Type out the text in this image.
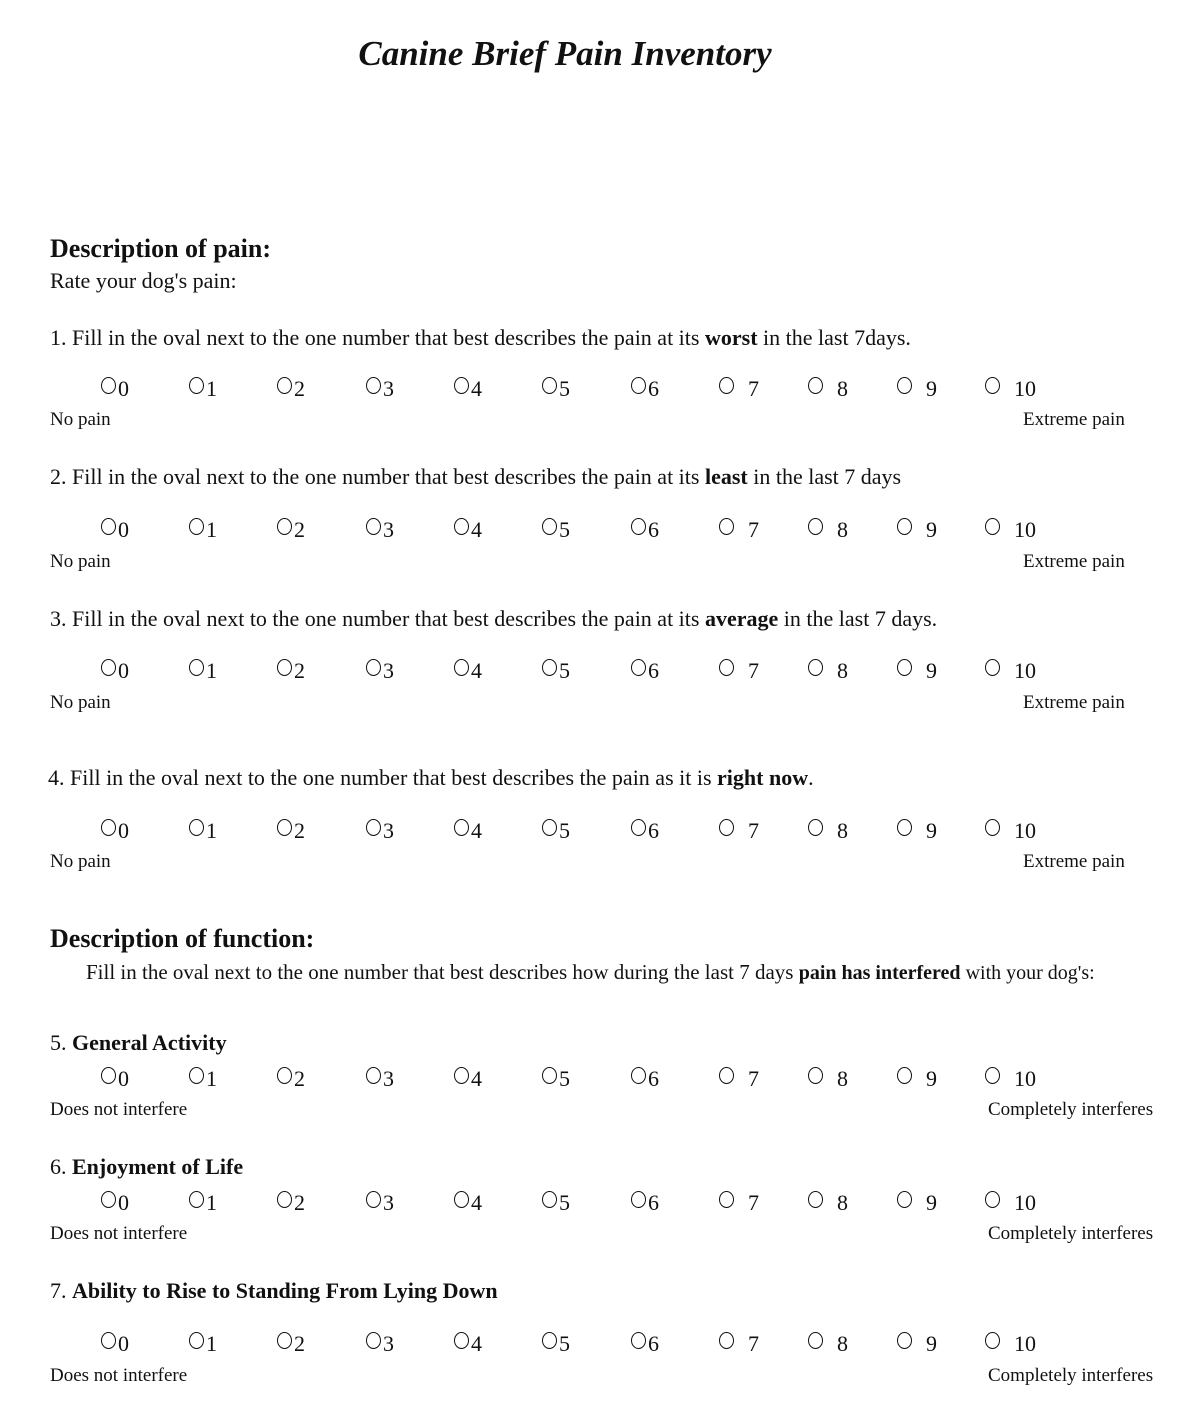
Canine Brief Pain Inventory
Description of pain:
Rate your dog's pain:
1. Fill in the oval next to the one number that best describes the pain at its worst in the last 7days.
0	1	2	3	4	5	6	7	8	9	10
No pain	Extreme pain
2. Fill in the oval next to the one number that best describes the pain at its least in the last 7 days
0	1	2	3	4	5	6	7	8	9	10
No pain	Extreme pain
3. Fill in the oval next to the one number that best describes the pain at its average in the last 7 days.
0	1	2	3	4	5	6	7	8	9	10
No pain	Extreme pain
4. Fill in the oval next to the one number that best describes the pain as it is right now.
0	1	2	3	4	5	6	7	8	9	10
No pain	Extreme pain
Description of function:
Fill in the oval next to the one number that best describes how during the last 7 days pain has interfered with your dog's:
5. General Activity
0	1	2	3	4	5	6	7	8	9	10
Does not interfere	Completely interferes
6. Enjoyment of Life
0	1	2	3	4	5	6	7	8	9	10
Does not interfere	Completely interferes
7. Ability to Rise to Standing From Lying Down
0	1	2	3	4	5	6	7	8	9	10
Does not interfere	Completely interferes
